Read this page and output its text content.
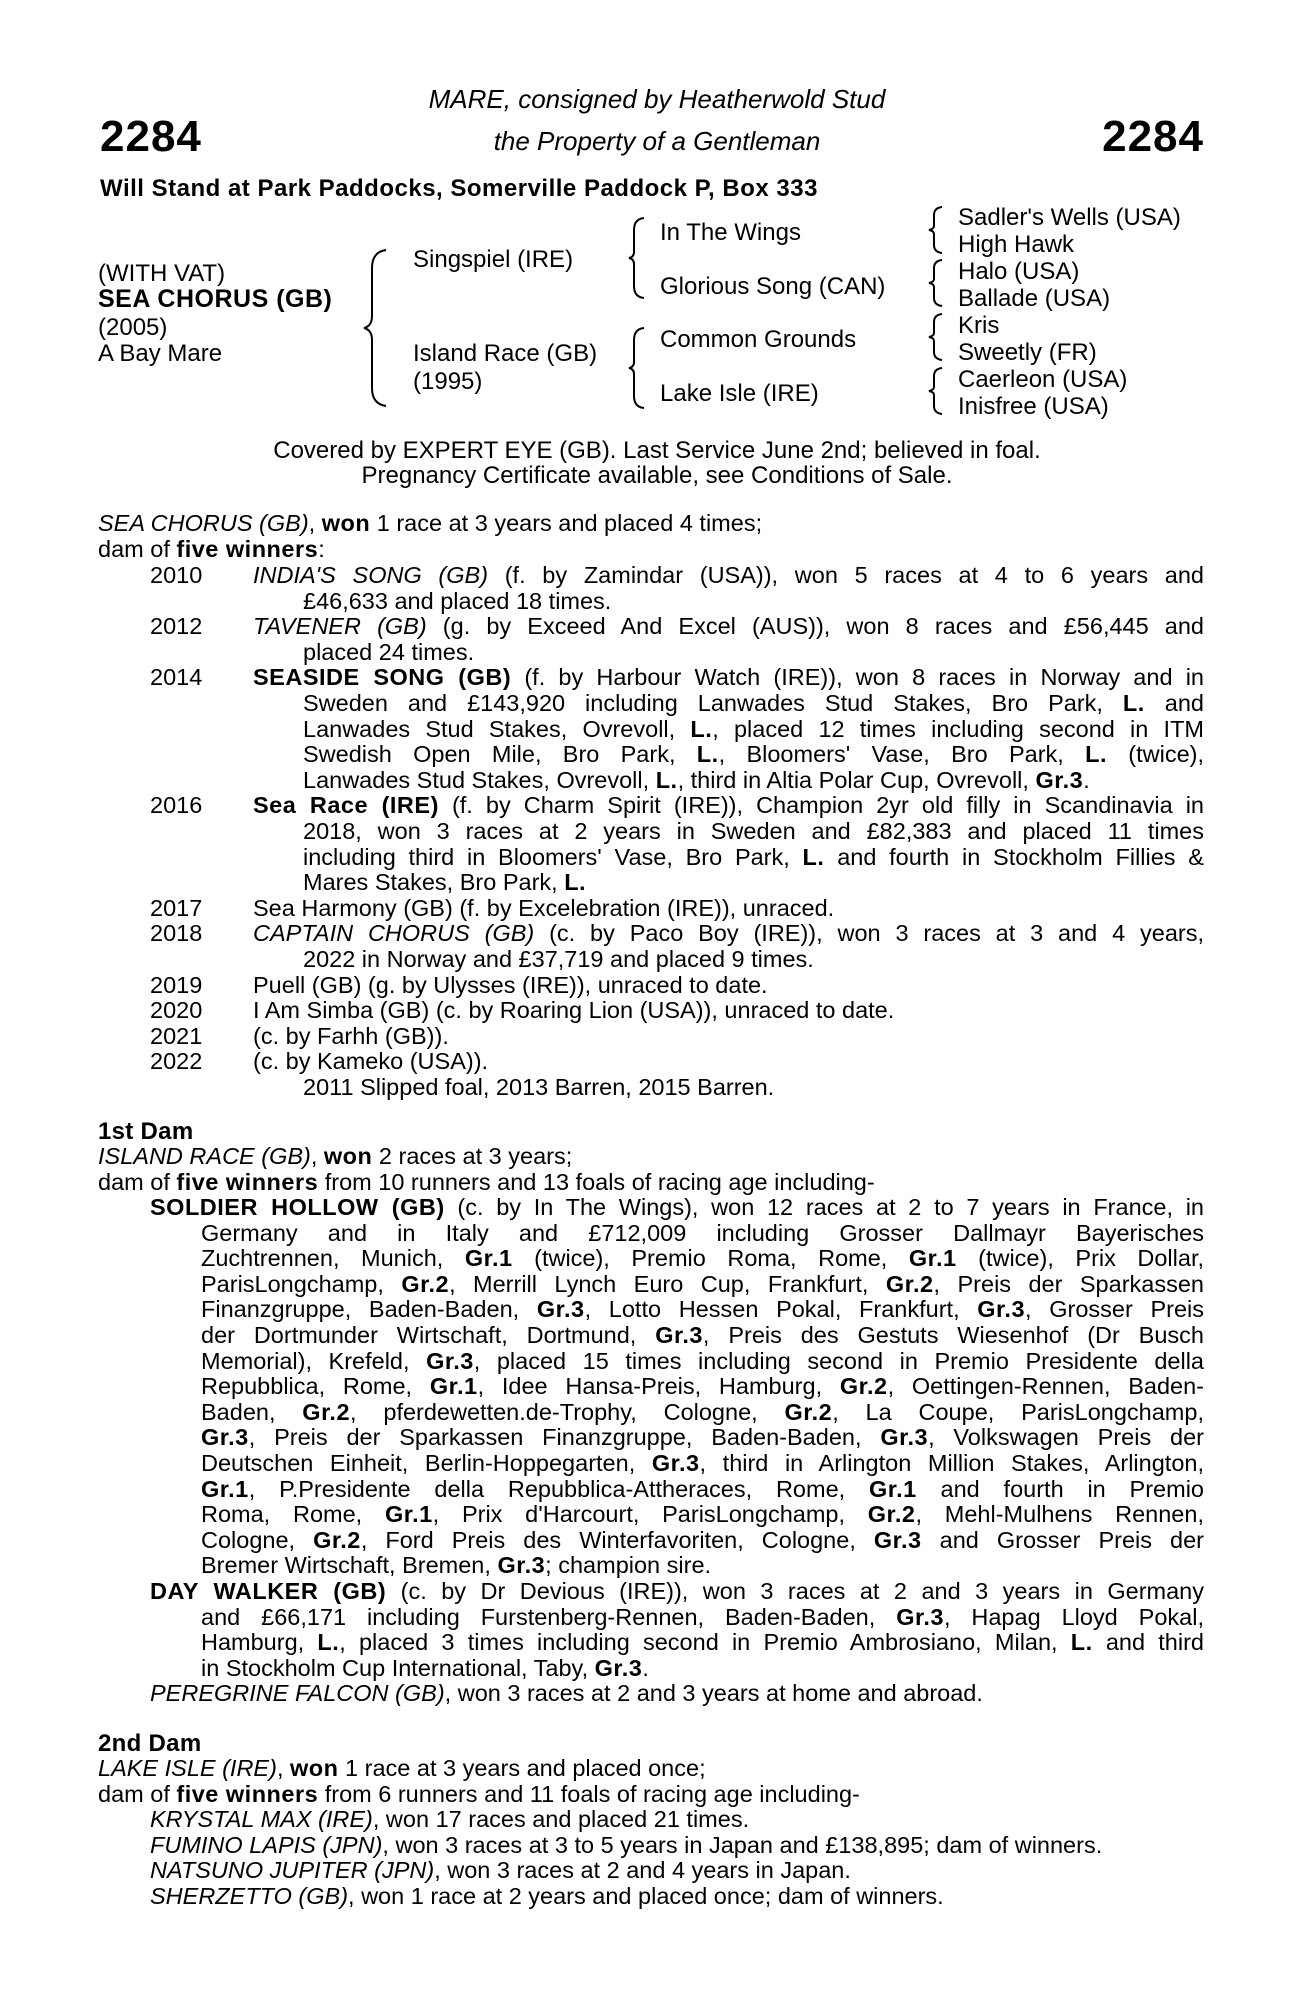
2284	2284
MARE, consigned by Heatherwold Stud
the Property of a Gentleman
Will Stand at Park Paddocks, Somerville Paddock P, Box 333
(WITH VAT)
SEA CHORUS (GB)
(2005)
A Bay Mare
Singspiel (IRE)
Island Race (GB)
(1995)
In The Wings
Glorious Song (CAN)
Common Grounds
Lake Isle (IRE)
Sadler's Wells (USA)
High Hawk
Halo (USA)
Ballade (USA)
Kris
Sweetly (FR)
Caerleon (USA)
Inisfree (USA)
Covered by EXPERT EYE (GB). Last Service June 2nd; believed in foal.
Pregnancy Certificate available, see Conditions of Sale.
SEA CHORUS (GB), won 1 race at 3 years and placed 4 times;
dam of five winners:
2010 INDIA'S SONG (GB) (f. by Zamindar (USA)), won 5 races at 4 to 6 years and
£46,633 and placed 18 times.
2012 TAVENER (GB) (g. by Exceed And Excel (AUS)), won 8 races and £56,445 and
placed 24 times.
2014 SEASIDE SONG (GB) (f. by Harbour Watch (IRE)), won 8 races in Norway and in
Sweden and £143,920 including Lanwades Stud Stakes, Bro Park, L. and
Lanwades Stud Stakes, Ovrevoll, L., placed 12 times including second in ITM
Swedish Open Mile, Bro Park, L., Bloomers' Vase, Bro Park, L. (twice),
Lanwades Stud Stakes, Ovrevoll, L., third in Altia Polar Cup, Ovrevoll, Gr.3.
2016 Sea Race (IRE) (f. by Charm Spirit (IRE)), Champion 2yr old filly in Scandinavia in
2018, won 3 races at 2 years in Sweden and £82,383 and placed 11 times
including third in Bloomers' Vase, Bro Park, L. and fourth in Stockholm Fillies &
Mares Stakes, Bro Park, L.
2017 Sea Harmony (GB) (f. by Excelebration (IRE)), unraced.
2018 CAPTAIN CHORUS (GB) (c. by Paco Boy (IRE)), won 3 races at 3 and 4 years,
2022 in Norway and £37,719 and placed 9 times.
2019 Puell (GB) (g. by Ulysses (IRE)), unraced to date.
2020 I Am Simba (GB) (c. by Roaring Lion (USA)), unraced to date.
2021 (c. by Farhh (GB)).
2022 (c. by Kameko (USA)).
2011 Slipped foal, 2013 Barren, 2015 Barren.
1st Dam
ISLAND RACE (GB), won 2 races at 3 years;
dam of five winners from 10 runners and 13 foals of racing age including-
SOLDIER HOLLOW (GB) (c. by In The Wings), won 12 races at 2 to 7 years in France, in
Germany and in Italy and £712,009 including Grosser Dallmayr Bayerisches
Zuchtrennen, Munich, Gr.1 (twice), Premio Roma, Rome, Gr.1 (twice), Prix Dollar,
ParisLongchamp, Gr.2, Merrill Lynch Euro Cup, Frankfurt, Gr.2, Preis der Sparkassen
Finanzgruppe, Baden-Baden, Gr.3, Lotto Hessen Pokal, Frankfurt, Gr.3, Grosser Preis
der Dortmunder Wirtschaft, Dortmund, Gr.3, Preis des Gestuts Wiesenhof (Dr Busch
Memorial), Krefeld, Gr.3, placed 15 times including second in Premio Presidente della
Repubblica, Rome, Gr.1, Idee Hansa-Preis, Hamburg, Gr.2, Oettingen-Rennen, Baden-
Baden, Gr.2, pferdewetten.de-Trophy, Cologne, Gr.2, La Coupe, ParisLongchamp,
Gr.3, Preis der Sparkassen Finanzgruppe, Baden-Baden, Gr.3, Volkswagen Preis der
Deutschen Einheit, Berlin-Hoppegarten, Gr.3, third in Arlington Million Stakes, Arlington,
Gr.1, P.Presidente della Repubblica-Attheraces, Rome, Gr.1 and fourth in Premio
Roma, Rome, Gr.1, Prix d'Harcourt, ParisLongchamp, Gr.2, Mehl-Mulhens Rennen,
Cologne, Gr.2, Ford Preis des Winterfavoriten, Cologne, Gr.3 and Grosser Preis der
Bremer Wirtschaft, Bremen, Gr.3; champion sire.
DAY WALKER (GB) (c. by Dr Devious (IRE)), won 3 races at 2 and 3 years in Germany
and £66,171 including Furstenberg-Rennen, Baden-Baden, Gr.3, Hapag Lloyd Pokal,
Hamburg, L., placed 3 times including second in Premio Ambrosiano, Milan, L. and third
in Stockholm Cup International, Taby, Gr.3.
PEREGRINE FALCON (GB), won 3 races at 2 and 3 years at home and abroad.
2nd Dam
LAKE ISLE (IRE), won 1 race at 3 years and placed once;
dam of five winners from 6 runners and 11 foals of racing age including-
KRYSTAL MAX (IRE), won 17 races and placed 21 times.
FUMINO LAPIS (JPN), won 3 races at 3 to 5 years in Japan and £138,895; dam of winners.
NATSUNO JUPITER (JPN), won 3 races at 2 and 4 years in Japan.
SHERZETTO (GB), won 1 race at 2 years and placed once; dam of winners.
